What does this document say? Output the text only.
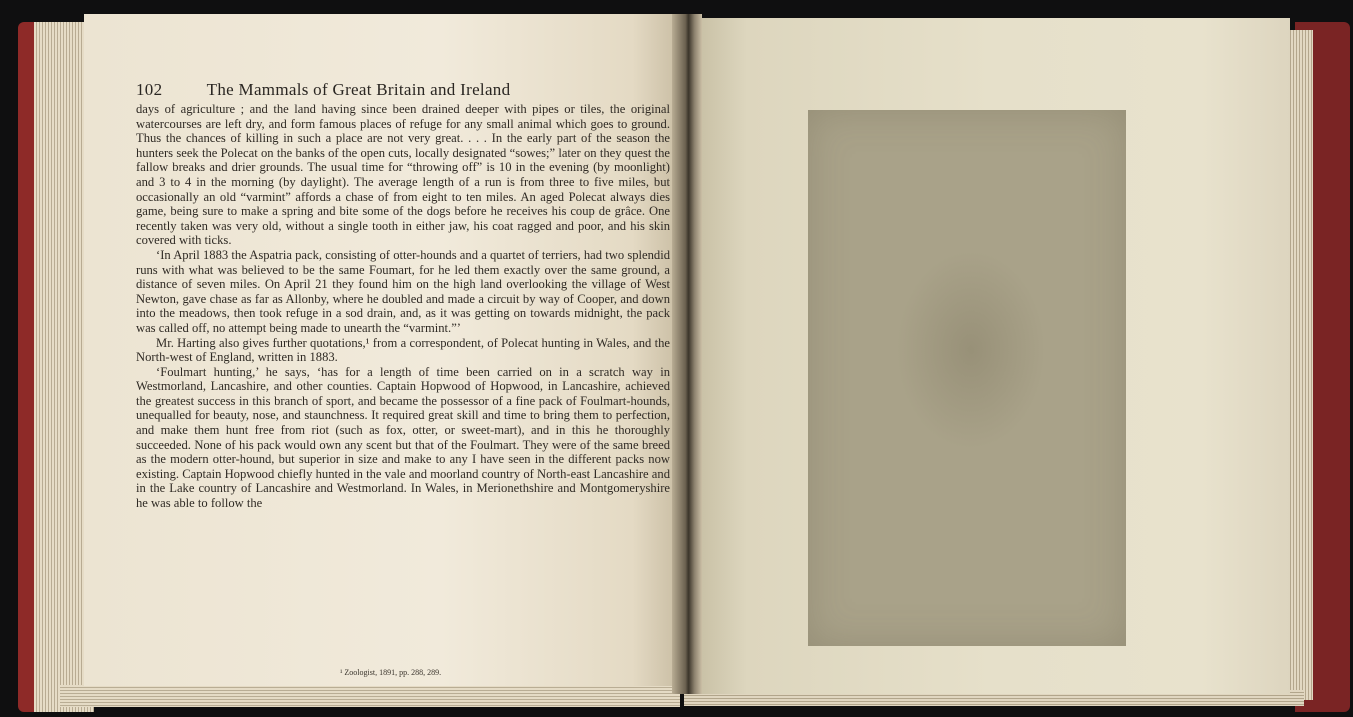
102	The Mammals of Great Britain and Ireland

days of agriculture ; and the land having since been drained deeper with pipes or tiles, the original watercourses are left dry, and form famous places of refuge for any small animal which goes to ground. Thus the chances of killing in such a place are not very great. . . . In the early part of the season the hunters seek the Polecat on the banks of the open cuts, locally designated “sowes;” later on they quest the fallow breaks and drier grounds. The usual time for “throwing off” is 10 in the evening (by moonlight) and 3 to 4 in the morning (by daylight). The average length of a run is from three to five miles, but occasionally an old “varmint” affords a chase of from eight to ten miles. An aged Polecat always dies game, being sure to make a spring and bite some of the dogs before he receives his coup de grâce. One recently taken was very old, without a single tooth in either jaw, his coat ragged and poor, and his skin covered with ticks.

‘In April 1883 the Aspatria pack, consisting of otter-hounds and a quartet of terriers, had two splendid runs with what was believed to be the same Foumart, for he led them exactly over the same ground, a distance of seven miles. On April 21 they found him on the high land overlooking the village of West Newton, gave chase as far as Allonby, where he doubled and made a circuit by way of Cooper, and down into the meadows, then took refuge in a sod drain, and, as it was getting on towards midnight, the pack was called off, no attempt being made to unearth the “varmint.”’

Mr. Harting also gives further quotations,¹ from a correspondent, of Polecat hunting in Wales, and the North-west of England, written in 1883.

‘Foulmart hunting,’ he says, ‘has for a length of time been carried on in a scratch way in Westmorland, Lancashire, and other counties. Captain Hopwood of Hopwood, in Lancashire, achieved the greatest success in this branch of sport, and became the possessor of a fine pack of Foulmart-hounds, unequalled for beauty, nose, and staunchness. It required great skill and time to bring them to perfection, and make them hunt free from riot (such as fox, otter, or sweet-mart), and in this he thoroughly succeeded. None of his pack would own any scent but that of the Foulmart. They were of the same breed as the modern otter-hound, but superior in size and make to any I have seen in the different packs now existing. Captain Hopwood chiefly hunted in the vale and moorland country of North-east Lancashire and in the Lake country of Lancashire and Westmorland. In Wales, in Merionethshire and Montgomeryshire he was able to follow the

¹ Zoologist, 1891, pp. 288, 289.
